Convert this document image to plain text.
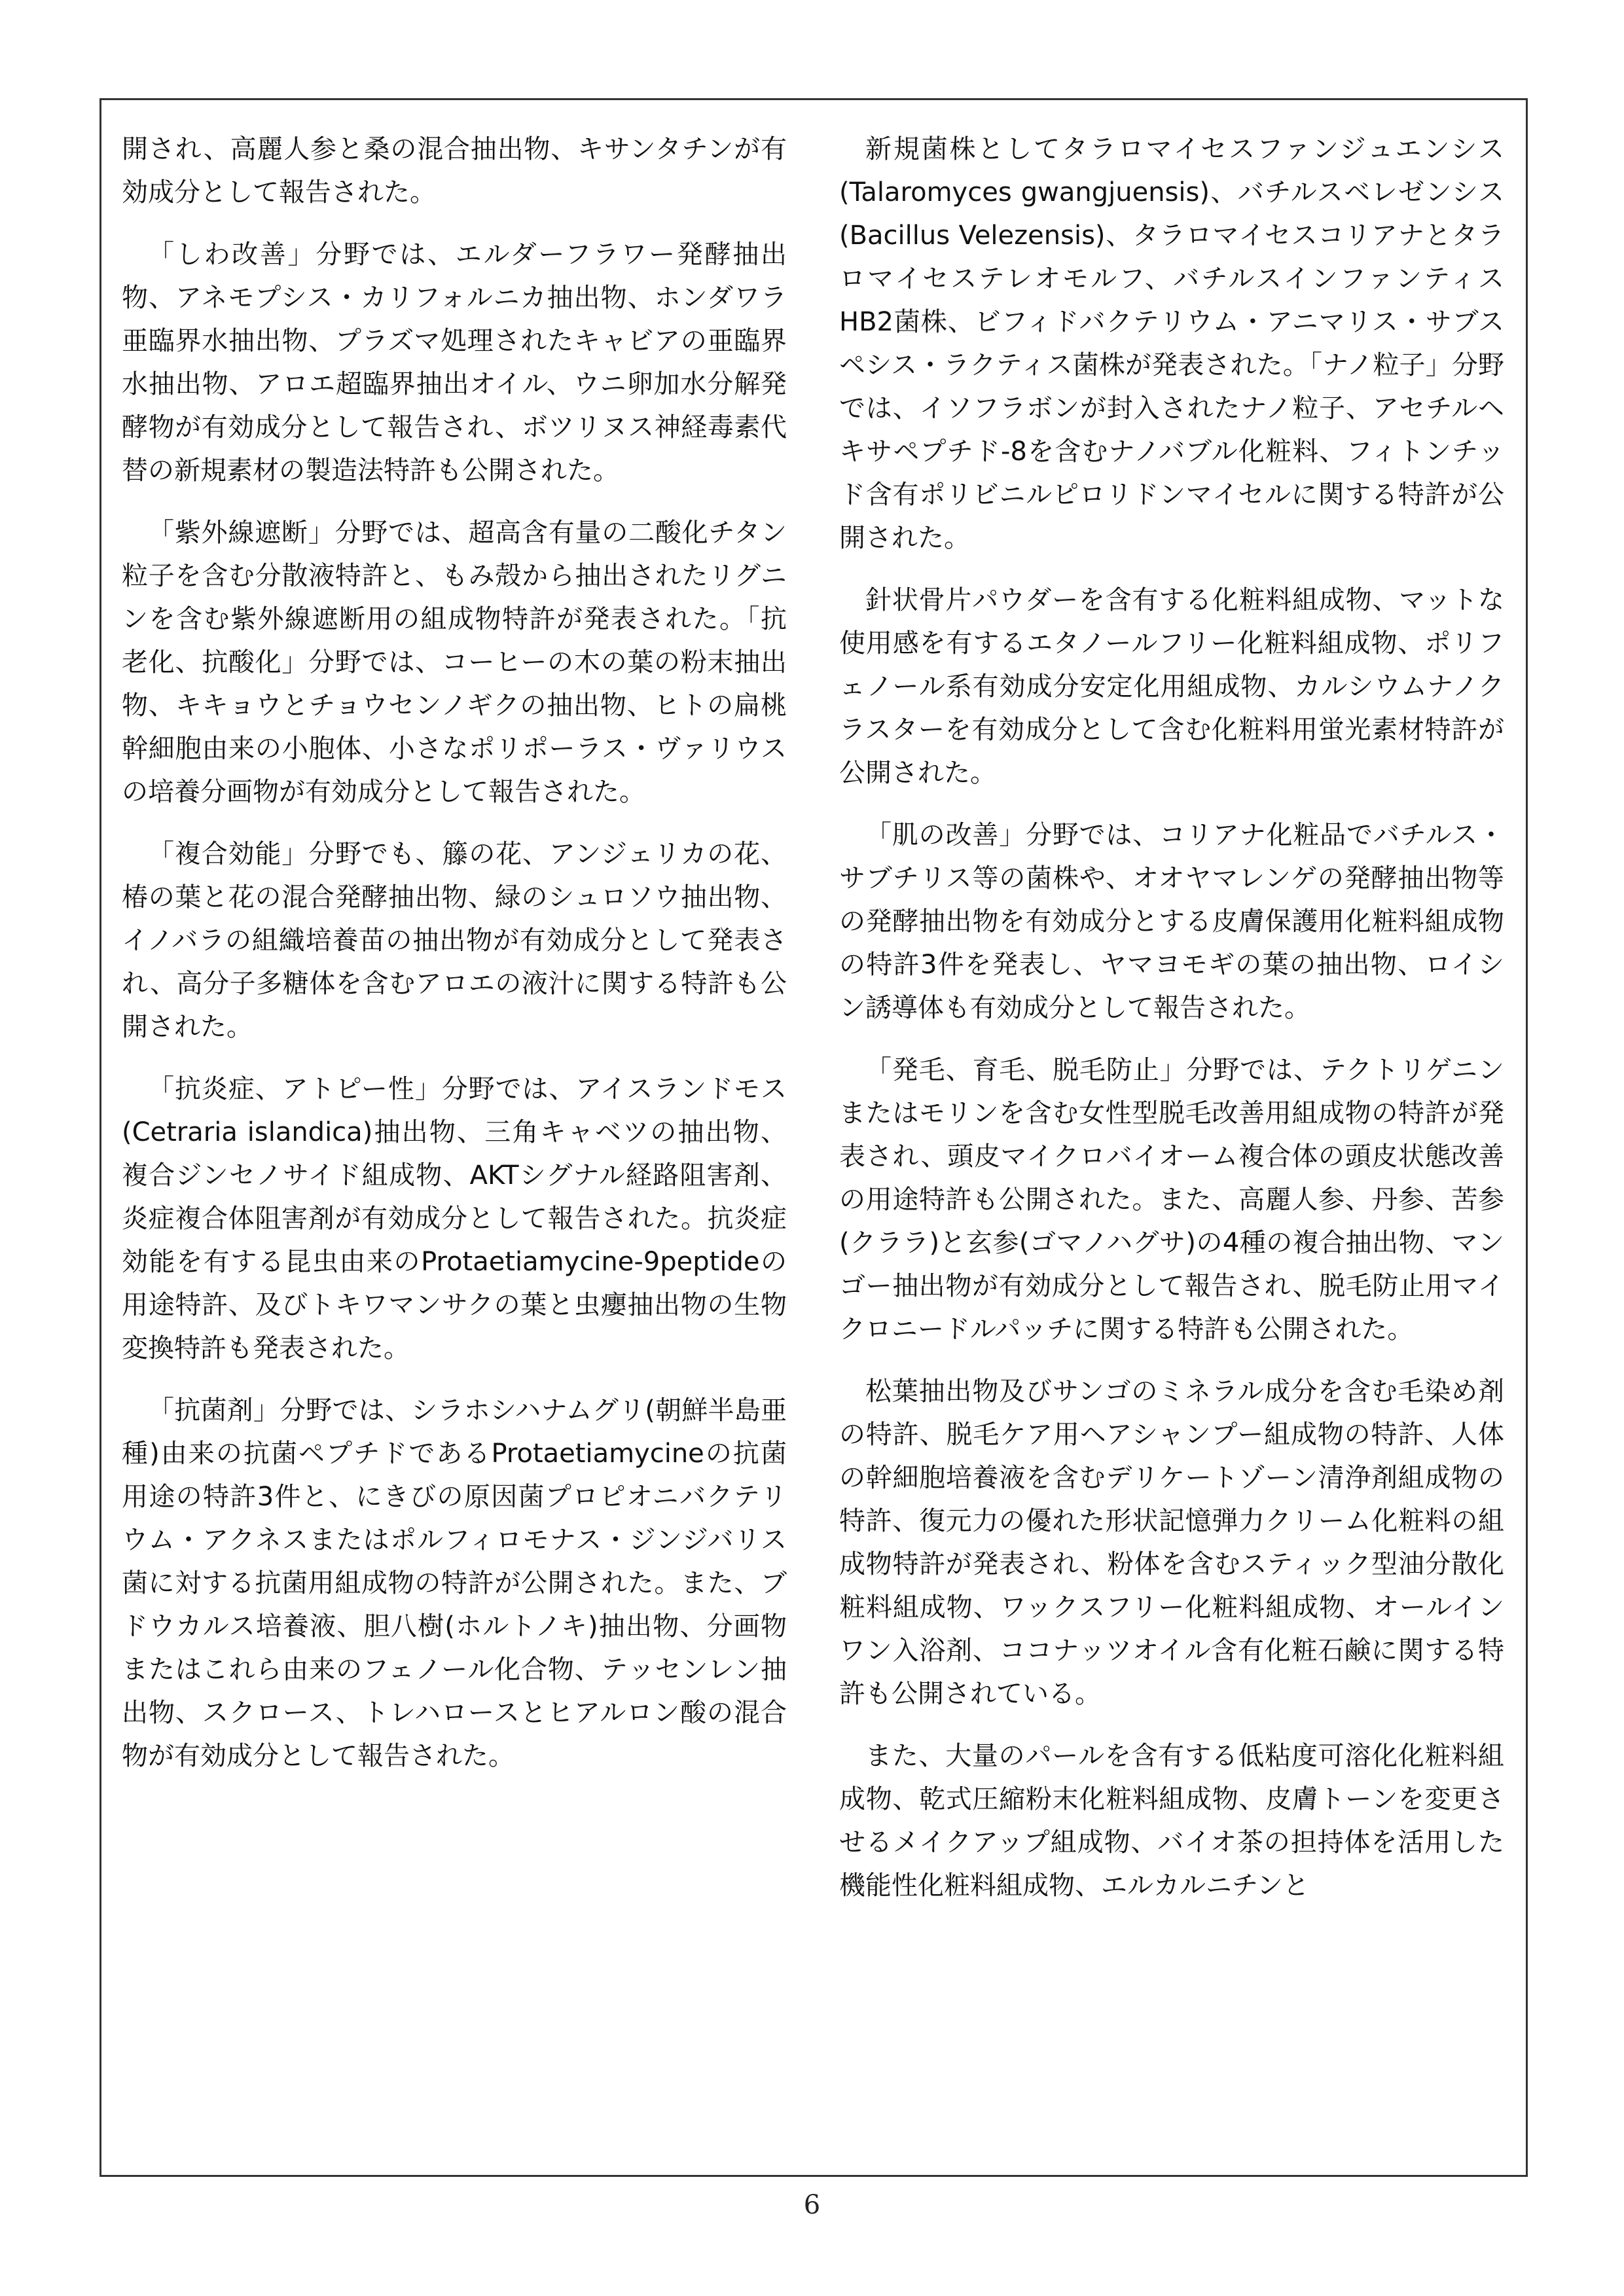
開され、高麗人参と桑の混合抽出物、キサンタチンが有効成分として報告された。

「しわ改善」分野では、エルダーフラワー発酵抽出物、アネモプシス・カリフォルニカ抽出物、ホンダワラ亜臨界水抽出物、プラズマ処理されたキャビアの亜臨界水抽出物、アロエ超臨界抽出オイル、ウニ卵加水分解発酵物が有効成分として報告され、ボツリヌス神経毒素代替の新規素材の製造法特許も公開された。

「紫外線遮断」分野では、超高含有量の二酸化チタン粒子を含む分散液特許と、もみ殻から抽出されたリグニンを含む紫外線遮断用の組成物特許が発表された。「抗老化、抗酸化」分野では、コーヒーの木の葉の粉末抽出物、キキョウとチョウセンノギクの抽出物、ヒトの扁桃幹細胞由来の小胞体、小さなポリポーラス・ヴァリウスの培養分画物が有効成分として報告された。

「複合効能」分野でも、籐の花、アンジェリカの花、椿の葉と花の混合発酵抽出物、緑のシュロソウ抽出物、イノバラの組織培養苗の抽出物が有効成分として発表され、高分子多糖体を含むアロエの液汁に関する特許も公開された。

「抗炎症、アトピー性」分野では、アイスランドモス(Cetraria islandica)抽出物、三角キャベツの抽出物、複合ジンセノサイド組成物、AKTシグナル経路阻害剤、炎症複合体阻害剤が有効成分として報告された。抗炎症効能を有する昆虫由来のProtaetiamycine-9peptideの用途特許、及びトキワマンサクの葉と虫癭抽出物の生物変換特許も発表された。

「抗菌剤」分野では、シラホシハナムグリ(朝鮮半島亜種)由来の抗菌ペプチドであるProtaetiamycineの抗菌用途の特許3件と、にきびの原因菌プロピオニバクテリウム・アクネスまたはポルフィロモナス・ジンジバリス菌に対する抗菌用組成物の特許が公開された。また、ブドウカルス培養液、胆八樹(ホルトノキ)抽出物、分画物またはこれら由来のフェノール化合物、テッセンレン抽出物、スクロース、トレハロースとヒアルロン酸の混合物が有効成分として報告された。

新規菌株としてタラロマイセスファンジュエンシス(Talaromyces gwangjuensis)、バチルスベレゼンシス(Bacillus Velezensis)、タラロマイセスコリアナとタラロマイセステレオモルフ、バチルスインファンティスHB2菌株、ビフィドバクテリウム・アニマリス・サブスペシス・ラクティス菌株が発表された。「ナノ粒子」分野では、イソフラボンが封入されたナノ粒子、アセチルヘキサペプチド-8を含むナノバブル化粧料、フィトンチッド含有ポリビニルピロリドンマイセルに関する特許が公開された。

針状骨片パウダーを含有する化粧料組成物、マットな使用感を有するエタノールフリー化粧料組成物、ポリフェノール系有効成分安定化用組成物、カルシウムナノクラスターを有効成分として含む化粧料用蛍光素材特許が公開された。

「肌の改善」分野では、コリアナ化粧品でバチルス・サブチリス等の菌株や、オオヤマレンゲの発酵抽出物等の発酵抽出物を有効成分とする皮膚保護用化粧料組成物の特許3件を発表し、ヤマヨモギの葉の抽出物、ロイシン誘導体も有効成分として報告された。

「発毛、育毛、脱毛防止」分野では、テクトリゲニンまたはモリンを含む女性型脱毛改善用組成物の特許が発表され、頭皮マイクロバイオーム複合体の頭皮状態改善の用途特許も公開された。また、高麗人参、丹参、苦参(クララ)と玄参(ゴマノハグサ)の4種の複合抽出物、マンゴー抽出物が有効成分として報告され、脱毛防止用マイクロニードルパッチに関する特許も公開された。

松葉抽出物及びサンゴのミネラル成分を含む毛染め剤の特許、脱毛ケア用ヘアシャンプー組成物の特許、人体の幹細胞培養液を含むデリケートゾーン清浄剤組成物の特許、復元力の優れた形状記憶弾力クリーム化粧料の組成物特許が発表され、粉体を含むスティック型油分散化粧料組成物、ワックスフリー化粧料組成物、オールインワン入浴剤、ココナッツオイル含有化粧石鹸に関する特許も公開されている。

また、大量のパールを含有する低粘度可溶化化粧料組成物、乾式圧縮粉末化粧料組成物、皮膚トーンを変更させるメイクアップ組成物、バイオ茶の担持体を活用した機能性化粧料組成物、エルカルニチンと

6
